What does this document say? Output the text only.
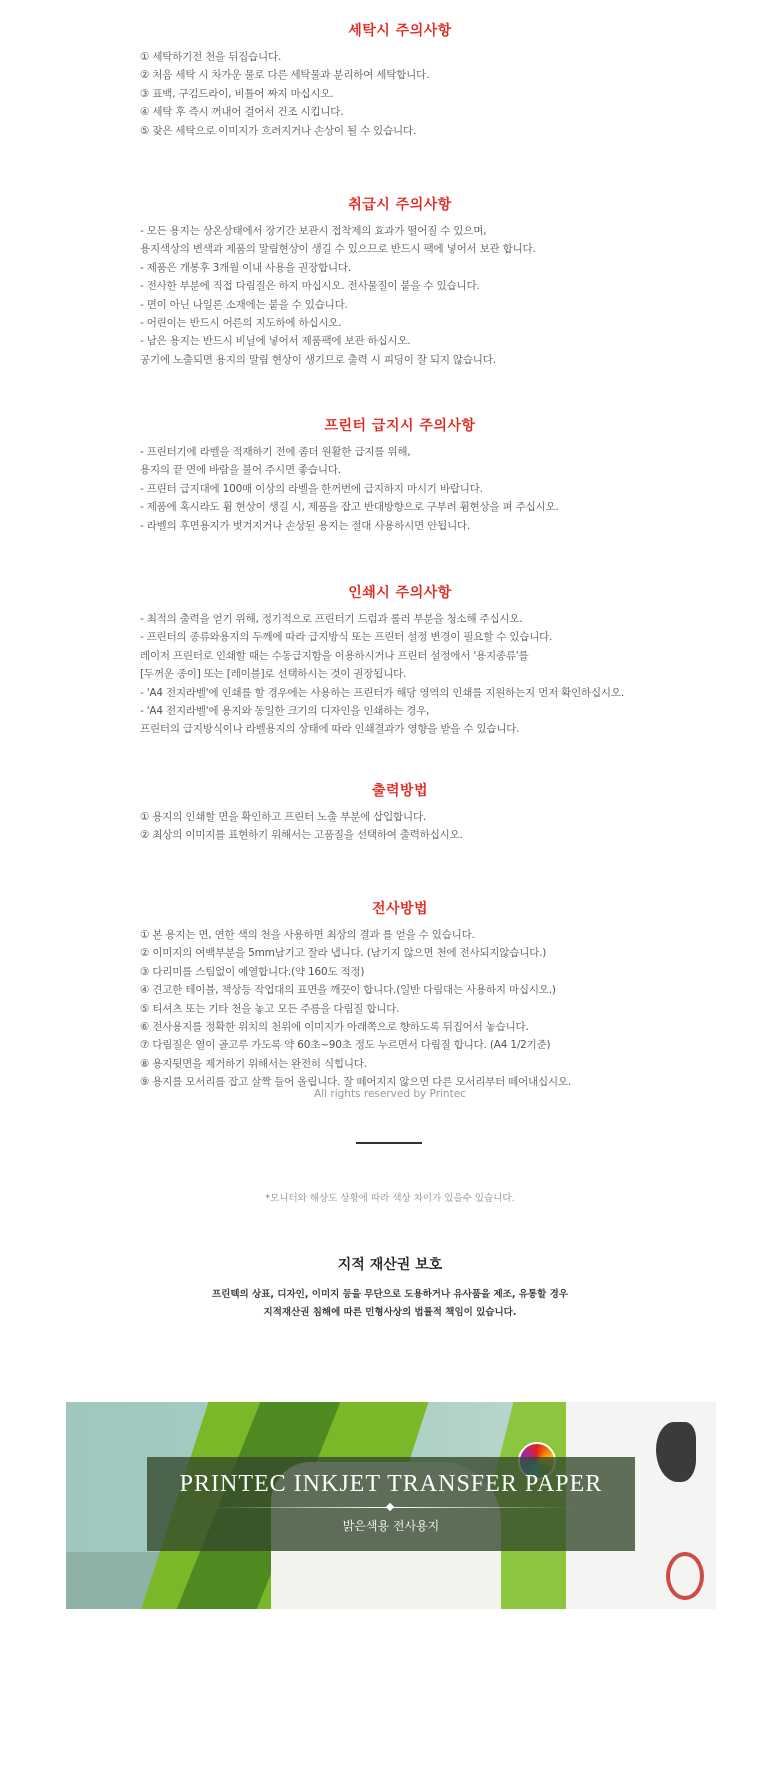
세탁시 주의사항
① 세탁하기전 천을 뒤집습니다.
② 처음 세탁 시 차가운 물로 다른 세탁물과 분리하여 세탁합니다.
③ 표백, 구김드라이, 비틀어 짜지 마십시오.
④ 세탁 후 즉시 꺼내어 걸어서 건조 시킵니다.
⑤ 잦은 세탁으로 이미지가 흐려지거나 손상이 될 수 있습니다.
취급시 주의사항
- 모든 용지는 상온상태에서 장기간 보관시 접착제의 효과가 떨어질 수 있으며,
용지색상의 변색과 제품의 말림현상이 생길 수 있으므로 반드시 팩에 넣어서 보관 합니다.
- 제품은 개봉후 3개월 이내 사용을 권장합니다.
- 전사한 부분에 직접 다림질은 하지 마십시오. 전사물질이 붙을 수 있습니다.
- 면이 아닌 나일론 소재에는 붙을 수 있습니다.
- 어린이는 반드시 어른의 지도하에 하십시오.
- 남은 용지는 반드시 비닐에 넣어서 제품팩에 보관 하십시오.
공기에 노출되면 용지의 말림 현상이 생기므로 출력 시 피딩이 잘 되지 않습니다.
프린터 급지시 주의사항
- 프린터기에 라벨을 적재하기 전에 좀더 원활한 급지를 위해,
용지의 끝 면에 바람을 불어 주시면 좋습니다.
- 프린터 급지대에 100매 이상의 라벨을 한꺼번에 급지하지 마시기 바랍니다.
- 제품에 혹시라도 휨 현상이 생길 시, 제품을 잡고 반대방향으로 구부려 휨현상을 펴 주십시오.
- 라벨의 후면용지가 벗겨지거나 손상된 용지는 절대 사용하시면 안됩니다.
인쇄시 주의사항
- 최적의 출력을 얻기 위해, 정기적으로 프린터기 드럼과 롤러 부분을 청소해 주십시오.
- 프린터의 종류와용지의 두께에 따라 급지방식 또는 프린터 설정 변경이 필요할 수 있습니다.
레이저 프린터로 인쇄할 때는 수동급지함을 이용하시거나 프린터 설정에서 '용지종류'를
[두꺼운 종이] 또는 [레이블]로 선택하시는 것이 권장됩니다.
- 'A4 전지라벨'에 인쇄를 할 경우에는 사용하는 프린터가 해당 영역의 인쇄를 지원하는지 먼저 확인하십시오.
- 'A4 전지라벨'에 용지와 동일한 크기의 디자인을 인쇄하는 경우,
프린터의 급지방식이나 라벨용지의 상태에 따라 인쇄결과가 영향을 받을 수 있습니다.
출력방법
① 용지의 인쇄할 면을 확인하고 프린터 노출 부분에 삽입합니다.
② 최상의 이미지를 표현하기 위해서는 고품질을 선택하여 출력하십시오.
전사방법
① 본 용지는 면, 연한 색의 천을 사용하면 최상의 결과 를 얻을 수 있습니다.
② 이미지의 여백부분을 5mm남기고 잘라 냅니다. (남기지 않으면 천에 전사되지않습니다.)
③ 다리미를 스팀없이 예열합니다.(약 160도 적정)
④ 견고한 테이블, 책상등 작업대의 표면을 깨끗이 합니다.(일반 다림대는 사용하지 마십시오.)
⑤ 티셔츠 또는 기타 천을 놓고 모든 주름을 다림질 합니다.
⑥ 전사용지를 정확한 위치의 천위에 이미지가 아래쪽으로 향하도록 뒤집어서 놓습니다.
⑦ 다림질은 열이 골고루 가도록 약 60초~90초 정도 누르면서 다림질 합니다. (A4 1/2기준)
⑧ 용지뒷면을 제거하기 위해서는 완전히 식힙니다.
⑨ 용지를 모서리를 잡고 살짝 들어 올립니다. 잘 떼어지지 않으면 다른 모서리부터 떼어내십시오.
All rights reserved by Printec
*모니터와 해상도 상황에 따라 색상 차이가 있을수 있습니다.
지적 재산권 보호
프린텍의 상표, 디자인, 이미지 등을 무단으로 도용하거나 유사품을 제조, 유통할 경우
지적재산권 침해에 따른 민형사상의 법률적 책임이 있습니다.
PRINTEC INKJET TRANSFER PAPER
밝은색용 전사용지
